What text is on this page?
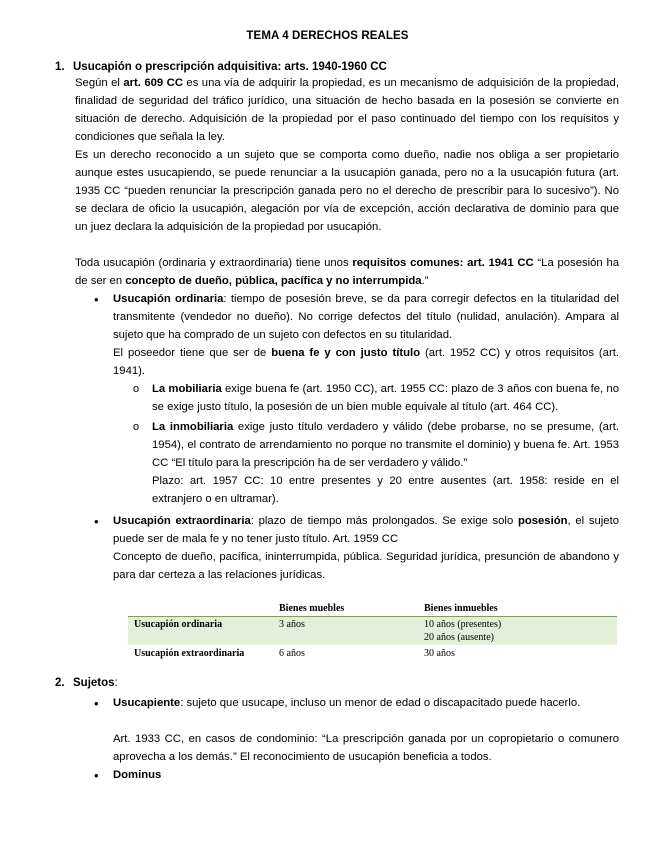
TEMA 4 DERECHOS REALES
1. Usucapión o prescripción adquisitiva: arts. 1940-1960 CC
Según el art. 609 CC es una vía de adquirir la propiedad, es un mecanismo de adquisición de la propiedad, finalidad de seguridad del tráfico jurídico, una situación de hecho basada en la posesión se convierte en situación de derecho. Adquisición de la propiedad por el paso continuado del tiempo con los requisitos y condiciones que señala la ley.
Es un derecho reconocido a un sujeto que se comporta como dueño, nadie nos obliga a ser propietario aunque estes usucapiendo, se puede renunciar a la usucapión ganada, pero no a la usucapión futura (art. 1935 CC “pueden renunciar la prescripción ganada pero no el derecho de prescribir para lo sucesivo”). No se declara de oficio la usucapión, alegación por vía de excepción, acción declarativa de dominio para que un juez declara la adquisición de la propiedad por usucapión.
Toda usucapión (ordinaria y extraordinaria) tiene unos requisitos comunes: art. 1941 CC “La posesión ha de ser en concepto de dueño, pública, pacífica y no interrumpida.”
• Usucapión ordinaria: tiempo de posesión breve, se da para corregir defectos en la titularidad del transmitente (vendedor no dueño). No corrige defectos del título (nulidad, anulación). Ampara al sujeto que ha comprado de un sujeto con defectos en su titularidad.
El poseedor tiene que ser de buena fe y con justo título (art. 1952 CC) y otros requisitos (art. 1941).
o La mobiliaria exige buena fe (art. 1950 CC), art. 1955 CC: plazo de 3 años con buena fe, no se exige justo título, la posesión de un bien muble equivale al título (art. 464 CC).
o La inmobiliaria exige justo título verdadero y válido (debe probarse, no se presume, (art. 1954), el contrato de arrendamiento no porque no transmite el dominio) y buena fe. Art. 1953 CC “El título para la prescripción ha de ser verdadero y válido.”
Plazo: art. 1957 CC: 10 entre presentes y 20 entre ausentes (art. 1958: reside en el extranjero o en ultramar).
• Usucapión extraordinaria: plazo de tiempo más prolongados. Se exige solo posesión, el sujeto puede ser de mala fe y no tener justo título. Art. 1959 CC
Concepto de dueño, pacífica, ininterrumpida, pública. Seguridad jurídica, presunción de abandono y para dar certeza a las relaciones jurídicas.
	Bienes muebles	Bienes inmuebles
Usucapión ordinaria	3 años	10 años (presentes)
20 años (ausente)

Usucapión extraordinaria	6 años	30 años
2. Sujetos:
• Usucapiente: sujeto que usucape, incluso un menor de edad o discapacitado puede hacerlo.
Art. 1933 CC, en casos de condominio: “La prescripción ganada por un copropietario o comunero aprovecha a los demás.” El reconocimiento de usucapión beneficia a todos.
• Dominus
